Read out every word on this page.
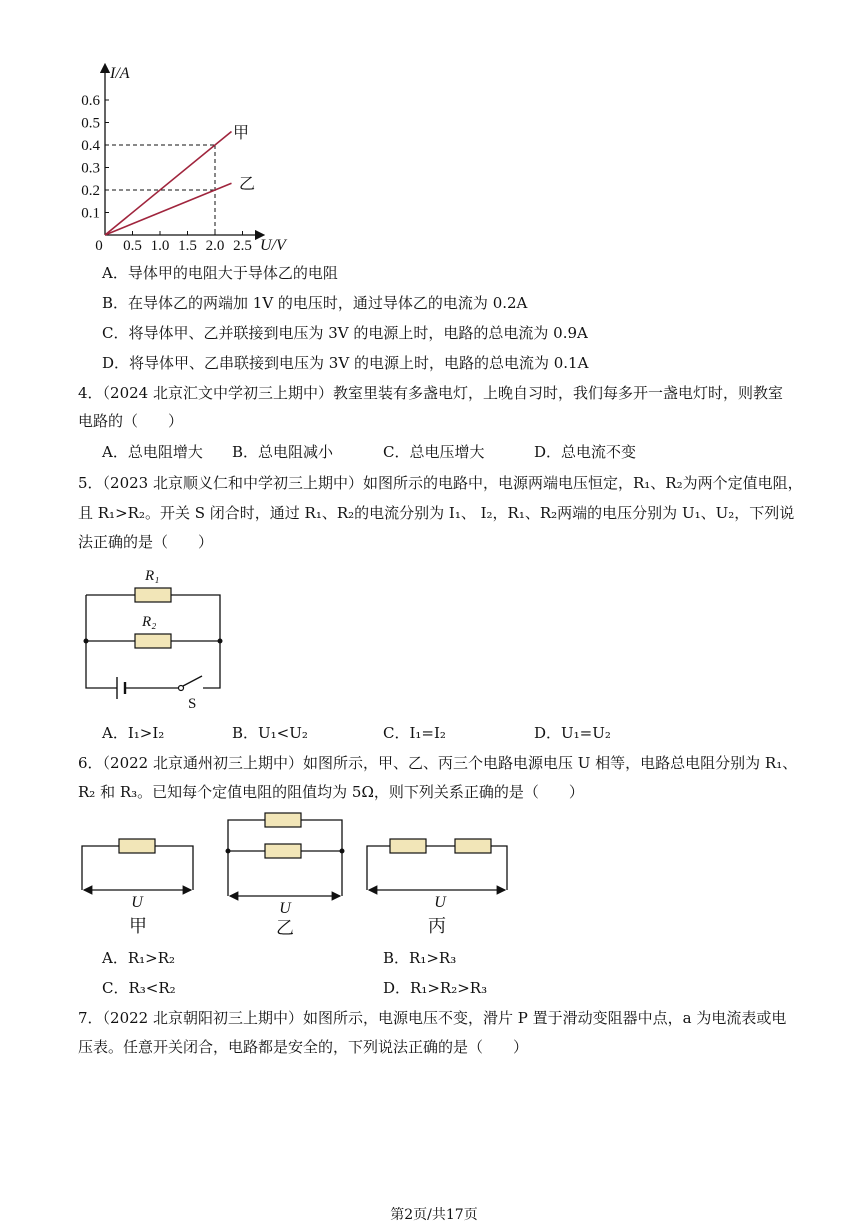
I/A
U/V
0
0.1
0.2
0.3
0.4
0.5
0.6
0.5 1.0 1.5 2.0 2.5
甲
乙
A．导体甲的电阻大于导体乙的电阻
B．在导体乙的两端加 1V 的电压时，通过导体乙的电流为 0.2A
C．将导体甲、乙并联接到电压为 3V 的电源上时，电路的总电流为 0.9A
D．将导体甲、乙串联接到电压为 3V 的电源上时，电路的总电流为 0.1A
4．（2024 北京汇文中学初三上期中）教室里装有多盏电灯，上晚自习时，我们每多开一盏电灯时，则教室
电路的（　　）
A．总电阻增大 B．总电阻减小	C．总电压增大	D．总电流不变
5．（2023 北京顺义仁和中学初三上期中）如图所示的电路中，电源两端电压恒定，R₁、R₂为两个定值电阻，
且 R₁>R₂。开关 S 闭合时，通过 R₁、R₂的电流分别为 I₁、 I₂，R₁、R₂两端的电压分别为 U₁、U₂，下列说
法正确的是（　　）
R₁
R₂
S
A．I₁>I₂	B．U₁<U₂	C．I₁=I₂	D．U₁=U₂
6．（2022 北京通州初三上期中）如图所示，甲、乙、丙三个电路电源电压 U 相等，电路总电阻分别为 R₁、
R₂ 和 R₃。已知每个定值电阻的阻值均为 5Ω，则下列关系正确的是（　　）
U
甲
U
乙
U
丙
A．R₁>R₂	B．R₁>R₃
C．R₃<R₂	D．R₁>R₂>R₃
7．（2022 北京朝阳初三上期中）如图所示，电源电压不变，滑片 P 置于滑动变阻器中点，a 为电流表或电
压表。任意开关闭合，电路都是安全的，下列说法正确的是（　　）
第2页/共17页
